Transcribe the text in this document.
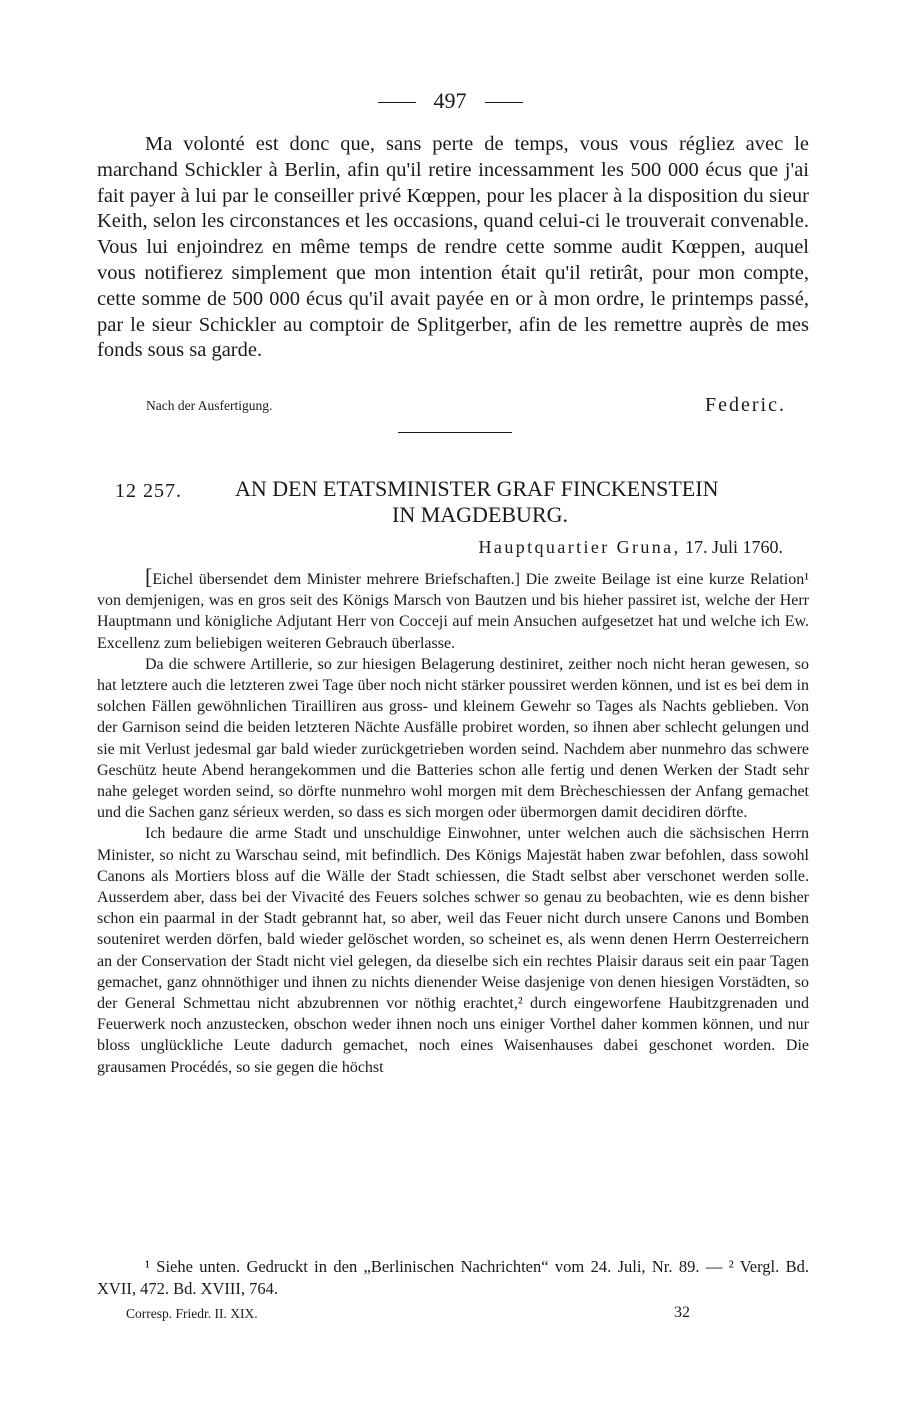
497

Ma volonté est donc que, sans perte de temps, vous vous régliez avec le marchand Schickler à Berlin, afin qu'il retire incessamment les 500 000 écus que j'ai fait payer à lui par le conseiller privé Kœppen, pour les placer à la disposition du sieur Keith, selon les circonstances et les occasions, quand celui-ci le trouverait convenable. Vous lui enjoindrez en même temps de rendre cette somme audit Kœppen, auquel vous notifierez simplement que mon intention était qu'il retirât, pour mon compte, cette somme de 500 000 écus qu'il avait payée en or à mon ordre, le printemps passé, par le sieur Schickler au comptoir de Splitgerber, afin de les remettre auprès de mes fonds sous sa garde.

Nach der Ausfertigung.	Federic.
12 257.	AN DEN ETATSMINISTER GRAF FINCKENSTEIN
IN MAGDEBURG.
Hauptquartier Gruna, 17. Juli 1760.

[Eichel übersendet dem Minister mehrere Briefschaften.] Die zweite Beilage ist eine kurze Relation¹ von demjenigen, was en gros seit des Königs Marsch von Bautzen und bis hieher passiret ist, welche der Herr Hauptmann und königliche Adjutant Herr von Cocceji auf mein Ansuchen aufgesetzet hat und welche ich Ew. Excellenz zum beliebigen weiteren Gebrauch überlasse.

Da die schwere Artillerie, so zur hiesigen Belagerung destiniret, zeither noch nicht heran gewesen, so hat letztere auch die letzteren zwei Tage über noch nicht stärker poussiret werden können, und ist es bei dem in solchen Fällen gewöhnlichen Tirailliren aus gross- und kleinem Gewehr so Tages als Nachts geblieben. Von der Garnison seind die beiden letzteren Nächte Ausfälle probiret worden, so ihnen aber schlecht gelungen und sie mit Verlust jedesmal gar bald wieder zurückgetrieben worden seind. Nachdem aber nunmehro das schwere Geschütz heute Abend herangekommen und die Batteries schon alle fertig und denen Werken der Stadt sehr nahe geleget worden seind, so dörfte nunmehro wohl morgen mit dem Brècheschiessen der Anfang gemachet und die Sachen ganz sérieux werden, so dass es sich morgen oder übermorgen damit decidiren dörfte.

Ich bedaure die arme Stadt und unschuldige Einwohner, unter welchen auch die sächsischen Herrn Minister, so nicht zu Warschau seind, mit befindlich. Des Königs Majestät haben zwar befohlen, dass sowohl Canons als Mortiers bloss auf die Wälle der Stadt schiessen, die Stadt selbst aber verschonet werden solle. Ausserdem aber, dass bei der Vivacité des Feuers solches schwer so genau zu beobachten, wie es denn bisher schon ein paarmal in der Stadt gebrannt hat, so aber, weil das Feuer nicht durch unsere Canons und Bomben souteniret werden dörfen, bald wieder gelöschet worden, so scheinet es, als wenn denen Herrn Oesterreichern an der Conservation der Stadt nicht viel gelegen, da dieselbe sich ein rechtes Plaisir daraus seit ein paar Tagen gemachet, ganz ohnnöthiger und ihnen zu nichts dienender Weise dasjenige von denen hiesigen Vorstädten, so der General Schmettau nicht abzubrennen vor nöthig erachtet,² durch eingeworfene Haubitzgrenaden und Feuerwerk noch anzustecken, obschon weder ihnen noch uns einiger Vorthel daher kommen können, und nur bloss unglückliche Leute dadurch gemachet, noch eines Waisenhauses dabei geschonet worden. Die grausamen Procédés, so sie gegen die höchst

¹ Siehe unten. Gedruckt in den „Berlinischen Nachrichten“ vom 24. Juli, Nr. 89. — ² Vergl. Bd. XVII, 472. Bd. XVIII, 764.

Corresp. Friedr. II. XIX.	32
